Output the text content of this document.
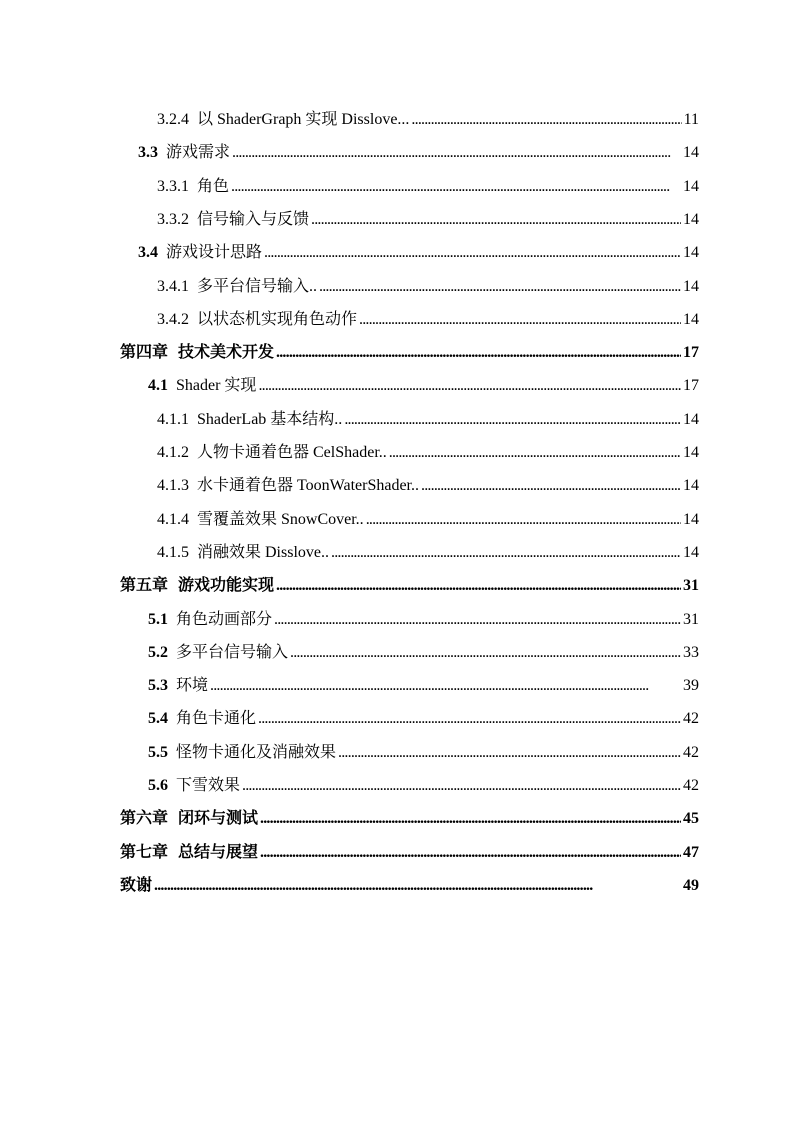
3.2.4 以 ShaderGraph 实现 Disslove... . . .	11
3.3 游戏需求 . . .	14
3.3.1 角色 . . .	14
3.3.2 信号输入与反馈 . . .	14
3.4 游戏设计思路 . . .	14
3.4.1 多平台信号输入.. . . .	14
3.4.2 以状态机实现角色动作 . . .	14
第四章 技术美术开发 . . .	17
4.1 Shader 实现 . . .	17
4.1.1 ShaderLab 基本结构.. . . .	14
4.1.2 人物卡通着色器 CelShader.. . . .	14
4.1.3 水卡通着色器 ToonWaterShader.. . . .	14
4.1.4 雪覆盖效果 SnowCover.. . . .	14
4.1.5 消融效果 Disslove.. . . .	14
第五章 游戏功能实现 . . .	31
5.1 角色动画部分 . . .	31
5.2 多平台信号输入 . . .	33
5.3 环境 . . .	39
5.4 角色卡通化 . . .	42
5.5 怪物卡通化及消融效果 . . .	42
5.6 下雪效果 . . .	42
第六章 闭环与测试 . . .	45
第七章 总结与展望 . . .	47
致谢 . . .	49
